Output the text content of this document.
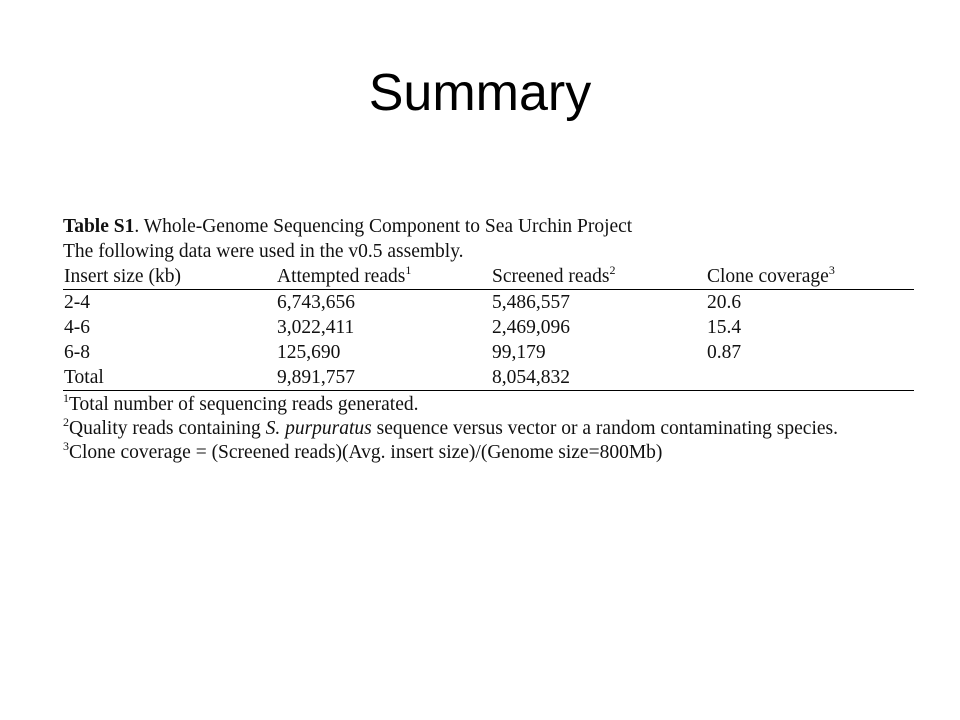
Summary
Table S1. Whole-Genome Sequencing Component to Sea Urchin Project
The following data were used in the v0.5 assembly.
Insert size (kb)	Attempted reads$^1$	Screened reads$^2$	Clone coverage$^3$
2-4	6,743,656	5,486,557	20.6
4-6	3,022,411	2,469,096	15.4
6-8	125,690	99,179	0.87
Total	9,891,757	8,054,832	
$^1$Total number of sequencing reads generated.
$^2$Quality reads containing S. purpuratus sequence versus vector or a random contaminating species.
$^3$Clone coverage = (Screened reads)(Avg. insert size)/(Genome size=800Mb)
